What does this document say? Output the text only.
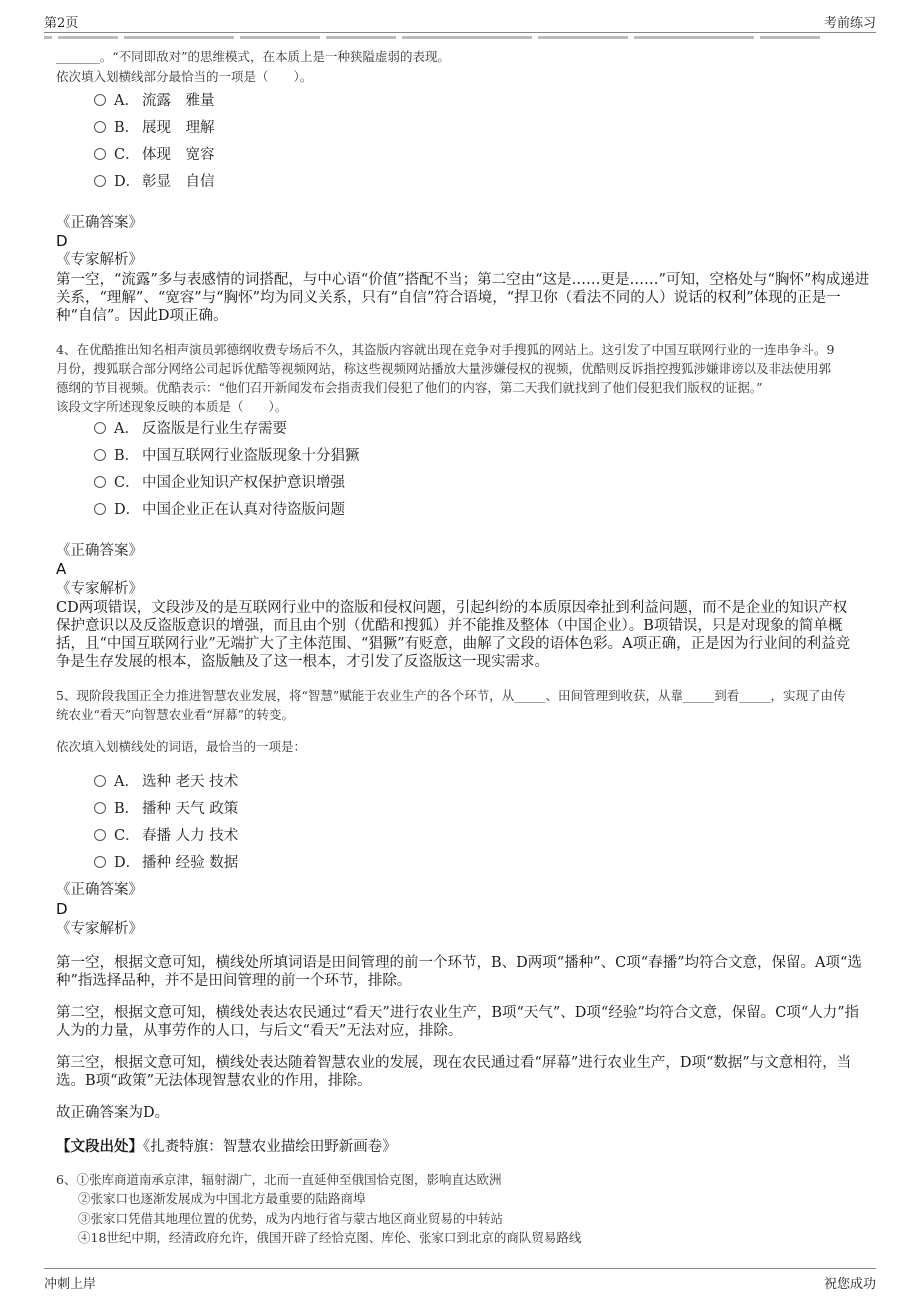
第2页	考前练习
_______。“不同即敌对”的思维模式，在本质上是一种狭隘虚弱的表现。
依次填入划横线部分最恰当的一项是（　　）。
A． 流露　雅量
B． 展现　理解
C． 体现　宽容
D． 彰显　自信
《正确答案》
D
《专家解析》
第一空，“流露”多与表感情的词搭配，与中心语“价值”搭配不当；第二空由“这是……更是……”可知，空格处与“胸怀”构成递进
关系，“理解”、“宽容”与“胸怀”均为同义关系，只有“自信”符合语境，“捍卫你（看法不同的人）说话的权利”体现的正是一
种“自信”。因此D项正确。
4、在优酷推出知名相声演员郭德纲收费专场后不久，其盗版内容就出现在竞争对手搜狐的网站上。这引发了中国互联网行业的一连串争斗。9
月份，搜狐联合部分网络公司起诉优酷等视频网站，称这些视频网站播放大量涉嫌侵权的视频，优酷则反诉指控搜狐涉嫌诽谤以及非法使用郭
德纲的节目视频。优酷表示：“他们召开新闻发布会指责我们侵犯了他们的内容，第二天我们就找到了他们侵犯我们版权的证据。”
该段文字所述现象反映的本质是（　　）。
A． 反盗版是行业生存需要
B． 中国互联网行业盗版现象十分猖獗
C． 中国企业知识产权保护意识增强
D． 中国企业正在认真对待盗版问题
《正确答案》
A
《专家解析》
CD两项错误，文段涉及的是互联网行业中的盗版和侵权问题，引起纠纷的本质原因牵扯到利益问题，而不是企业的知识产权
保护意识以及反盗版意识的增强，而且由个别（优酷和搜狐）并不能推及整体（中国企业）。B项错误，只是对现象的简单概
括，且“中国互联网行业”无端扩大了主体范围、“猖獗”有贬意，曲解了文段的语体色彩。A项正确，正是因为行业间的利益竞
争是生存发展的根本，盗版触及了这一根本，才引发了反盗版这一现实需求。
5、现阶段我国正全力推进智慧农业发展，将“智慧”赋能于农业生产的各个环节，从_____、田间管理到收获，从靠_____到看_____，实现了由传
统农业“看天”向智慧农业看“屏幕”的转变。
依次填入划横线处的词语，最恰当的一项是：
A． 选种 老天 技术
B． 播种 天气 政策
C． 春播 人力 技术
D． 播种 经验 数据
《正确答案》
D
《专家解析》
第一空，根据文意可知，横线处所填词语是田间管理的前一个环节，B、D两项“播种”、C项“春播”均符合文意，保留。A项“选
种”指选择品种，并不是田间管理的前一个环节，排除。
第二空，根据文意可知，横线处表达农民通过“看天”进行农业生产，B项“天气”、D项“经验”均符合文意，保留。C项“人力”指
人为的力量，从事劳作的人口，与后文“看天”无法对应，排除。
第三空，根据文意可知，横线处表达随着智慧农业的发展，现在农民通过看“屏幕”进行农业生产，D项“数据”与文意相符，当
选。B项“政策”无法体现智慧农业的作用，排除。
故正确答案为D。
【文段出处】《扎赉特旗：智慧农业描绘田野新画卷》
6、①张库商道南承京津，辐射湖广，北而一直延伸至俄国恰克图，影响直达欧洲
②张家口也逐渐发展成为中国北方最重要的陆路商埠
③张家口凭借其地理位置的优势，成为内地行省与蒙古地区商业贸易的中转站
④18世纪中期，经清政府允许，俄国开辟了经恰克图、库伦、张家口到北京的商队贸易路线
冲刺上岸	祝您成功
